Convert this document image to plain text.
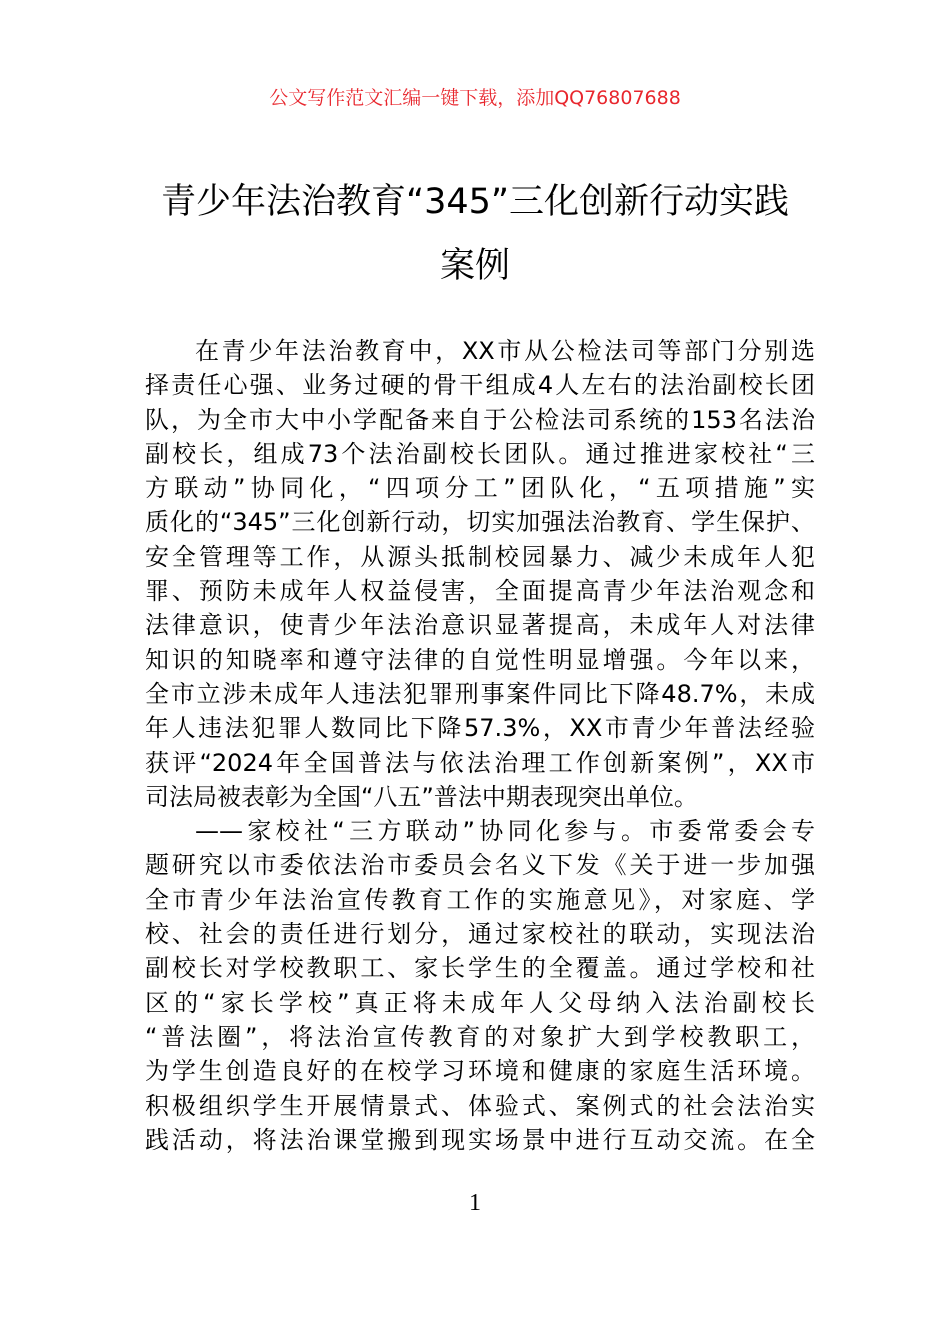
公文写作范文汇编一键下载，添加QQ76807688
青少年法治教育“345”三化创新行动实践
案例
在青少年法治教育中，XX市从公检法司等部门分别选
择责任心强、业务过硬的骨干组成4人左右的法治副校长团
队，为全市大中小学配备来自于公检法司系统的153名法治
副校长，组成73个法治副校长团队。通过推进家校社“三
方联动”协同化，“四项分工”团队化，“五项措施”实
质化的“345”三化创新行动，切实加强法治教育、学生保护、
安全管理等工作，从源头抵制校园暴力、减少未成年人犯
罪、预防未成年人权益侵害，全面提高青少年法治观念和
法律意识，使青少年法治意识显著提高，未成年人对法律
知识的知晓率和遵守法律的自觉性明显增强。今年以来，
全市立涉未成年人违法犯罪刑事案件同比下降48.7%，未成
年人违法犯罪人数同比下降57.3%，XX市青少年普法经验
获评“2024年全国普法与依法治理工作创新案例”，XX市
司法局被表彰为全国“八五”普法中期表现突出单位。
——家校社“三方联动”协同化参与。市委常委会专
题研究以市委依法治市委员会名义下发《关于进一步加强
全市青少年法治宣传教育工作的实施意见》，对家庭、学
校、社会的责任进行划分，通过家校社的联动，实现法治
副校长对学校教职工、家长学生的全覆盖。通过学校和社
区的“家长学校”真正将未成年人父母纳入法治副校长
“普法圈”，将法治宣传教育的对象扩大到学校教职工，
为学生创造良好的在校学习环境和健康的家庭生活环境。
积极组织学生开展情景式、体验式、案例式的社会法治实
践活动，将法治课堂搬到现实场景中进行互动交流。在全
1
